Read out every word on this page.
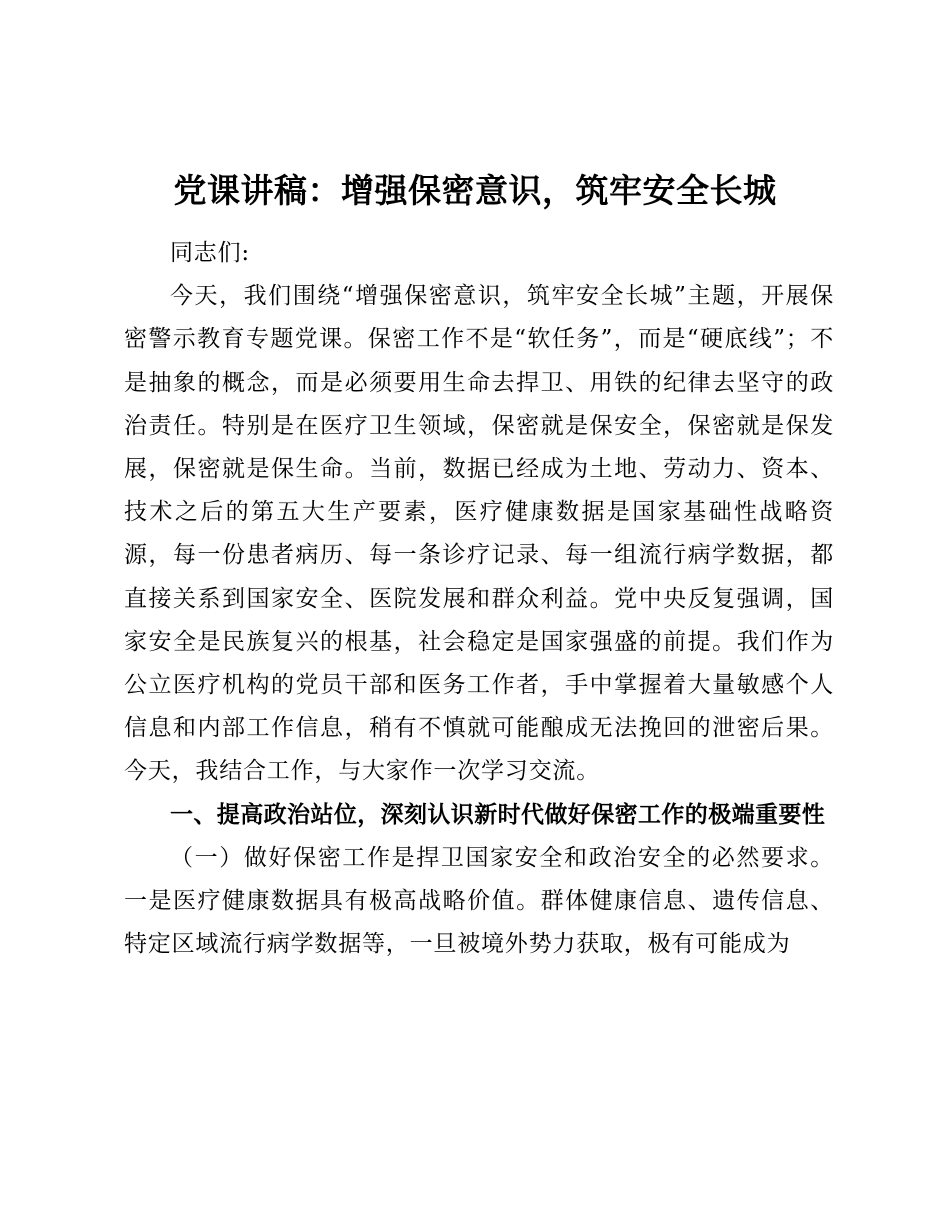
党课讲稿：增强保密意识，筑牢安全长城

同志们:

今天，我们围绕“增强保密意识，筑牢安全长城”主题，开展保密警示教育专题党课。保密工作不是“软任务”，而是“硬底线”；不是抽象的概念，而是必须要用生命去捍卫、用铁的纪律去坚守的政治责任。特别是在医疗卫生领域，保密就是保安全，保密就是保发展，保密就是保生命。当前，数据已经成为土地、劳动力、资本、技术之后的第五大生产要素，医疗健康数据是国家基础性战略资源，每一份患者病历、每一条诊疗记录、每一组流行病学数据，都直接关系到国家安全、医院发展和群众利益。党中央反复强调，国家安全是民族复兴的根基，社会稳定是国家强盛的前提。我们作为公立医疗机构的党员干部和医务工作者，手中掌握着大量敏感个人信息和内部工作信息，稍有不慎就可能酿成无法挽回的泄密后果。今天，我结合工作，与大家作一次学习交流。

一、提高政治站位，深刻认识新时代做好保密工作的极端重要性

（一）做好保密工作是捍卫国家安全和政治安全的必然要求。一是医疗健康数据具有极高战略价值。群体健康信息、遗传信息、特定区域流行病学数据等，一旦被境外势力获取，极有可能成为
